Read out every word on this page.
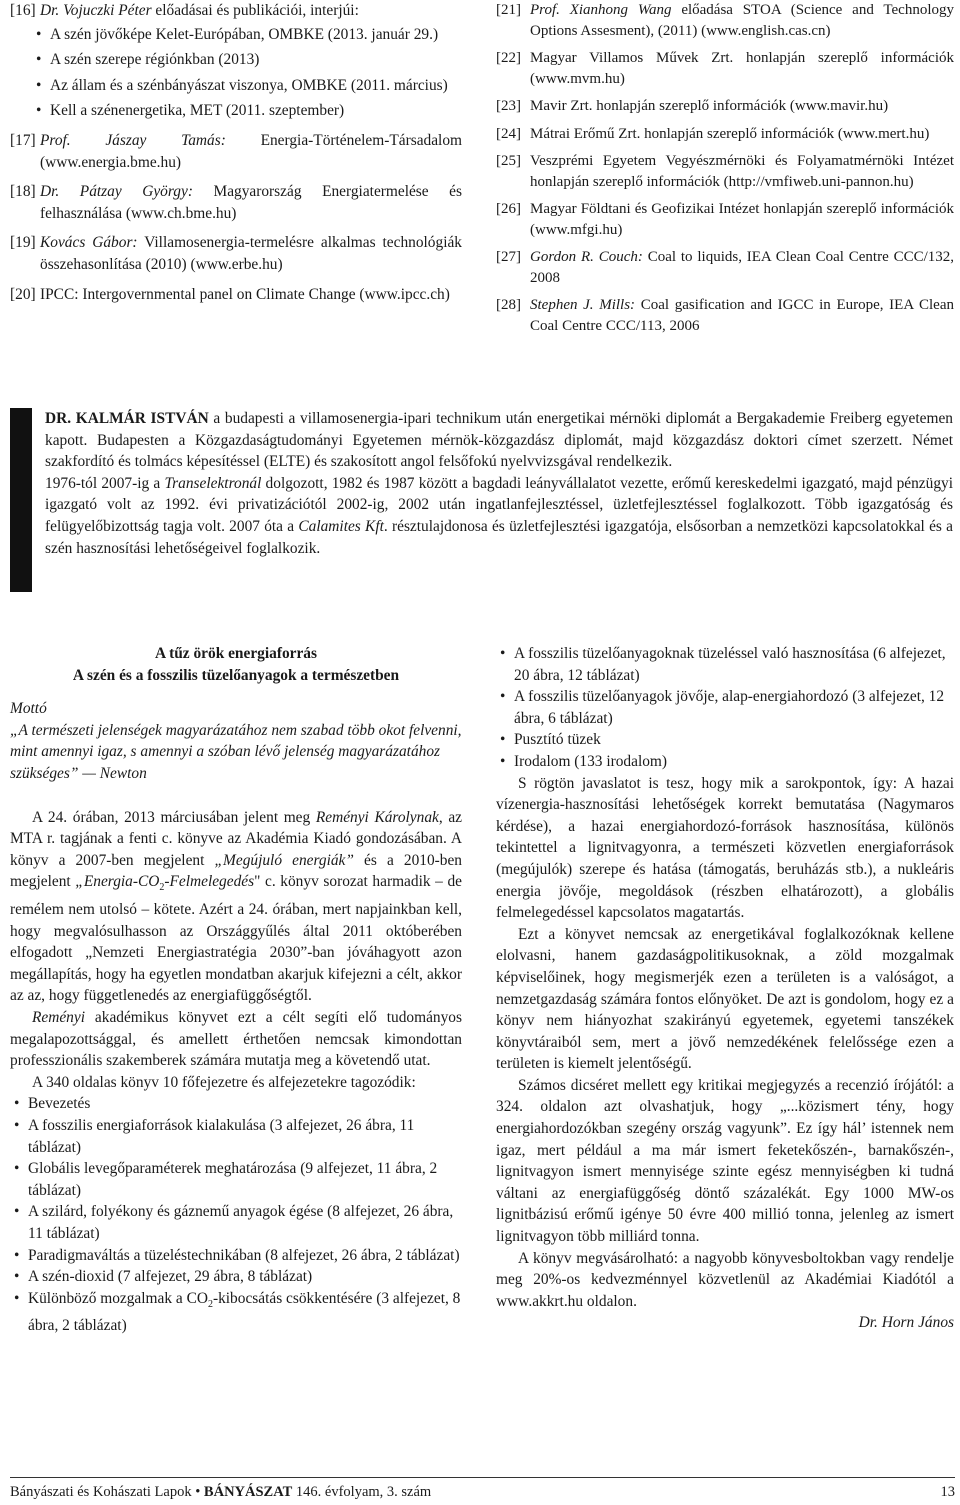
[16] Dr. Vojuczki Péter előadásai és publikációi, interjúi:
• A szén jövőképe Kelet-Európában, OMBKE (2013. január 29.)
• A szén szerepe régiónkban (2013)
• Az állam és a szénbányászat viszonya, OMBKE (2011. március)
• Kell a szénenergetika, MET (2011. szeptember)
[17] Prof. Jászay Tamás: Energia-Történelem-Társadalom (www.energia.bme.hu)
[18] Dr. Pátzay György: Magyarország Energiatermelése és felhasználása (www.ch.bme.hu)
[19] Kovács Gábor: Villamosenergia-termelésre alkalmas technológiák összehasonlítása (2010) (www.erbe.hu)
[20] IPCC: Intergovernmental panel on Climate Change (www.ipcc.ch)
[21] Prof. Xianhong Wang előadása STOA (Science and Technology Options Assesment), (2011) (www.english.cas.cn)
[22] Magyar Villamos Művek Zrt. honlapján szereplő információk (www.mvm.hu)
[23] Mavir Zrt. honlapján szereplő információk (www.mavir.hu)
[24] Mátrai Erőmű Zrt. honlapján szereplő információk (www.mert.hu)
[25] Veszprémi Egyetem Vegyészmérnöki és Folyamatmérnöki Intézet honlapján szereplő információk (http://vmfiweb.uni-pannon.hu)
[26] Magyar Földtani és Geofizikai Intézet honlapján szereplő információk (www.mfgi.hu)
[27] Gordon R. Couch: Coal to liquids, IEA Clean Coal Centre CCC/132, 2008
[28] Stephen J. Mills: Coal gasification and IGCC in Europe, IEA Clean Coal Centre CCC/113, 2006

DR. KALMÁR ISTVÁN a budapesti a villamosenergia-ipari technikum után energetikai mérnöki diplomát a Bergakademie Freiberg egyetemen kapott. Budapesten a Közgazdaságtudományi Egyetemen mérnök-közgazdász diplomát, majd közgazdász doktori címet szerzett. Német szakfordító és tolmács képesítéssel (ELTE) és szakosított angol felsőfokú nyelvvizsgával rendelkezik.

1976-tól 2007-ig a Transelektronál dolgozott, 1982 és 1987 között a bagdadi leányvállalatot vezette, erőmű kereskedelmi igazgató, majd pénzügyi igazgató volt az 1992. évi privatizációtól 2002-ig, 2002 után ingatlanfejlesztéssel, üzletfejlesztéssel foglalkozott. Több igazgatóság és felügyelőbizottság tagja volt. 2007 óta a Calamites Kft. résztulajdonosa és üzletfejlesztési igazgatója, elsősorban a nemzetközi kapcsolatokkal és a szén hasznosítási lehetőségeivel foglalkozik.

A tűz örök energiaforrás
A szén és a fosszilis tüzelőanyagok a természetben
Mottó

„A természeti jelenségek magyarázatához nem szabad több okot felvenni, mint amennyi igaz, s amennyi a szóban lévő jelenség magyarázatához szükséges” — Newton

A 24. órában, 2013 márciusában jelent meg Reményi Károlynak, az MTA r. tagjának a fenti c. könyve az Akadémia Kiadó gondozásában. A könyv a 2007-ben megjelent „Megújuló energiák” és a 2010-ben megjelent $„Energia-CO_2$-Felmelegedés" c. könyv sorozat harmadik – de remélem nem utolsó – kötete. Azért a 24. órában, mert napjainkban kell, hogy megvalósulhasson az Országgyűlés által 2011 októberében elfogadott „Nemzeti Energiastratégia 2030”-ban jóváhagyott azon megállapítás, hogy ha egyetlen mondatban akarjuk kifejezni a célt, akkor az az, hogy függetlenedés az energiafüggőségtől.

Reményi akadémikus könyvet ezt a célt segíti elő tudományos megalapozottsággal, és amellett érthetően nemcsak kimondottan professzionális szakemberek számára mutatja meg a követendő utat.

A 340 oldalas könyv 10 főfejezetre és alfejezetekre tagozódik:

• Bevezetés
• A fosszilis energiaforrások kialakulása (3 alfejezet, 26 ábra, 11 táblázat)
• Globális levegőparaméterek meghatározása (9 alfejezet, 11 ábra, 2 táblázat)
• A szilárd, folyékony és gáznemű anyagok égése (8 alfejezet, 26 ábra, 11 táblázat)
• Paradigmaváltás a tüzeléstechnikában (8 alfejezet, 26 ábra, 2 táblázat)
• A szén-dioxid (7 alfejezet, 29 ábra, 8 táblázat)
• Különböző mozgalmak a $CO_2$-kibocsátás csökkentésére (3 alfejezet, 8 ábra, 2 táblázat)
• A fosszilis tüzelőanyagoknak tüzeléssel való hasznosítása (6 alfejezet, 20 ábra, 12 táblázat)
• A fosszilis tüzelőanyagok jövője, alap-energiahordozó (3 alfejezet, 12 ábra, 6 táblázat)
• Pusztító tüzek
• Irodalom (133 irodalom)

S rögtön javaslatot is tesz, hogy mik a sarokpontok, így: A hazai vízenergia-hasznosítási lehetőségek korrekt bemutatása (Nagymaros kérdése), a hazai energiahordozó-források hasznosítása, különös tekintettel a lignitvagyonra, a természeti közvetlen energiaforrások (megújulók) szerepe és hatása (támogatás, beruházás stb.), a nukleáris energia jövője, megoldások (részben elhatározott), a globális felmelegedéssel kapcsolatos magatartás.

Ezt a könyvet nemcsak az energetikával foglalkozóknak kellene elolvasni, hanem gazdaságpolitikusoknak, a zöld mozgalmak képviselőinek, hogy megismerjék ezen a területen is a valóságot, a nemzetgazdaság számára fontos előnyöket. De azt is gondolom, hogy ez a könyv nem hiányozhat szakirányú egyetemek, egyetemi tanszékek könyvtáraiból sem, mert a jövő nemzedékének felelőssége ezen a területen is kiemelt jelentőségű.

Számos dicséret mellett egy kritikai megjegyzés a recenzió írójától: a 324. oldalon azt olvashatjuk, hogy „...közismert tény, hogy energiahordozókban szegény ország vagyunk”. Ez így hál’ istennek nem igaz, mert például a ma már ismert feketekőszén-, barnakőszén-, lignitvagyon ismert mennyisége szinte egész mennyiségben ki tudná váltani az energiafüggőség döntő százalékát. Egy 1000 MW-os lignitbázisú erőmű igénye 50 évre 400 millió tonna, jelenleg az ismert lignitvagyon több milliárd tonna.

A könyv megvásárolható: a nagyobb könyvesboltokban vagy rendelje meg 20%-os kedvezménnyel közvetlenül az Akadémiai Kiadótól a www.akkrt.hu oldalon.

Dr. Horn János
Bányászati és Kohászati Lapok • BÁNYÁSZAT 146. évfolyam, 3. szám	13
